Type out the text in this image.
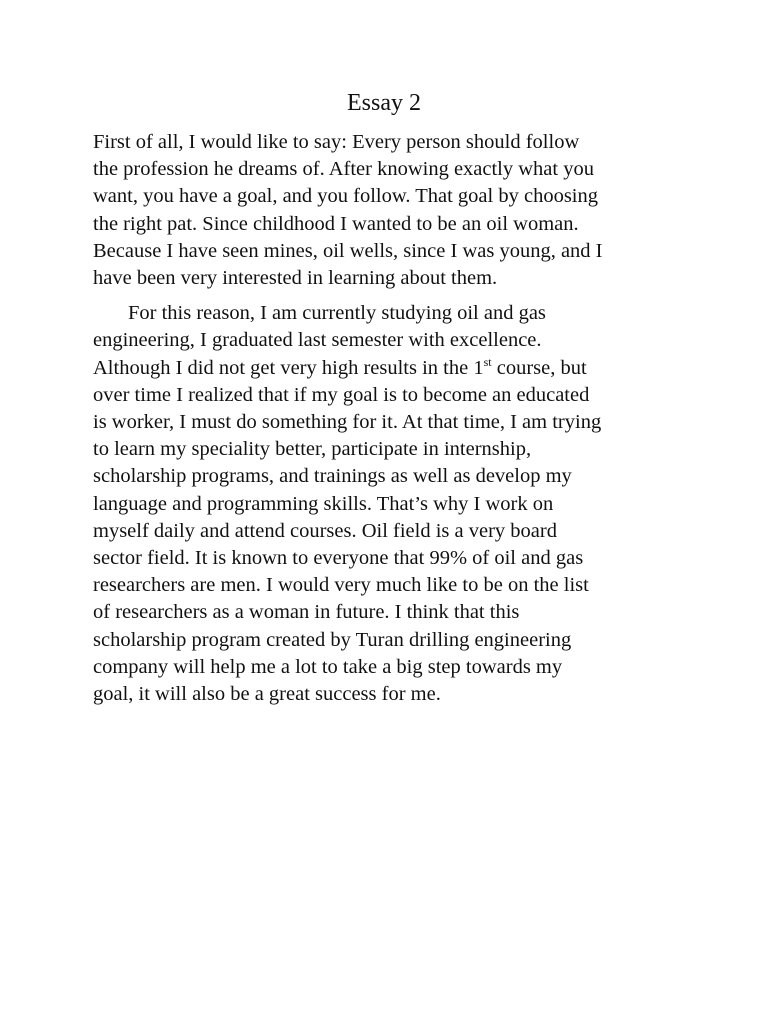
Essay 2

First of all, I would like to say: Every person should follow
the profession he dreams of. After knowing exactly what you
want, you have a goal, and you follow. That goal by choosing
the right pat. Since childhood I wanted to be an oil woman.
Because I have seen mines, oil wells, since I was young, and I
have been very interested in learning about them.

For this reason, I am currently studying oil and gas
engineering, I graduated last semester with excellence.
Although I did not get very high results in the 1st course, but
over time I realized that if my goal is to become an educated
is worker, I must do something for it. At that time, I am trying
to learn my speciality better, participate in internship,
scholarship programs, and trainings as well as develop my
language and programming skills. That’s why I work on
myself daily and attend courses. Oil field is a very board
sector field. It is known to everyone that 99% of oil and gas
researchers are men. I would very much like to be on the list
of researchers as a woman in future. I think that this
scholarship program created by Turan drilling engineering
company will help me a lot to take a big step towards my
goal, it will also be a great success for me.
